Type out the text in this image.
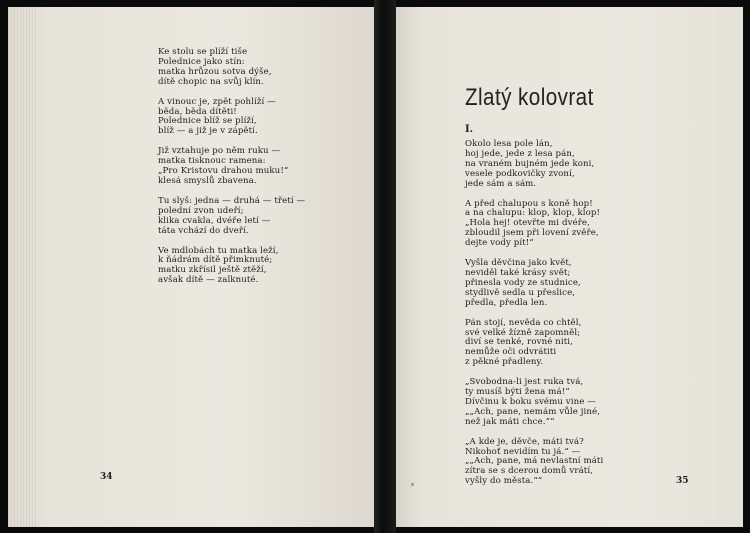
Ke stolu se plíží tiše
Polednice jako stín:
matka hrůzou sotva dýše,
dítě chopic na svůj klín.
A vinouc je, zpět pohlíží —
běda, běda dítěti!
Polednice blíž se plíží,
blíž — a již je v zápětí.
Již vztahuje po něm ruku —
matka tisknouc ramena:
„Pro Kristovu drahou muku!“
klesá smyslů zbavena.
Tu slyš: jedna — druhá — třetí —
polední zvon udeří;
klika cvakla, dvéře letí —
táta vchází do dveří.
Ve mdlobách tu matka leží,
k ňádrám dítě přimknuté;
matku zkřísil ještě ztěží,
avšak dítě — zalknuté.
34
Zlatý kolovrat
I.
Okolo lesa pole lán,
hoj jede, jede z lesa pán,
na vraném bujném jede koni,
vesele podkovičky zvoní,
jede sám a sám.
A před chalupou s koně hop!
a na chalupu: klop, klop, klop!
„Hola hej! otevřte mi dvéře,
zbloudil jsem při lovení zvěře,
dejte vody pít!“
Vyšla děvčina jako květ,
neviděl také krásy svět;
přinesla vody ze studnice,
stydlivě sedla u přeslice,
předla, předla len.
Pán stojí, nevěda co chtěl,
své velké žízně zapomněl;
diví se tenké, rovné niti,
nemůže oči odvrátiti
z pěkné přadleny.
„Svobodna-li jest ruka tvá,
ty musíš býti žena má!“
Dívčinu k boku svému vine —
„„Ach, pane, nemám vůle jiné,
než jak máti chce.““
„A kde je, děvče, máti tvá?
Nikohoť nevidím tu já.“ —
„„Ach, pane, má nevlastní máti
zítra se s dcerou domů vrátí,
vyšly do města.““	35
